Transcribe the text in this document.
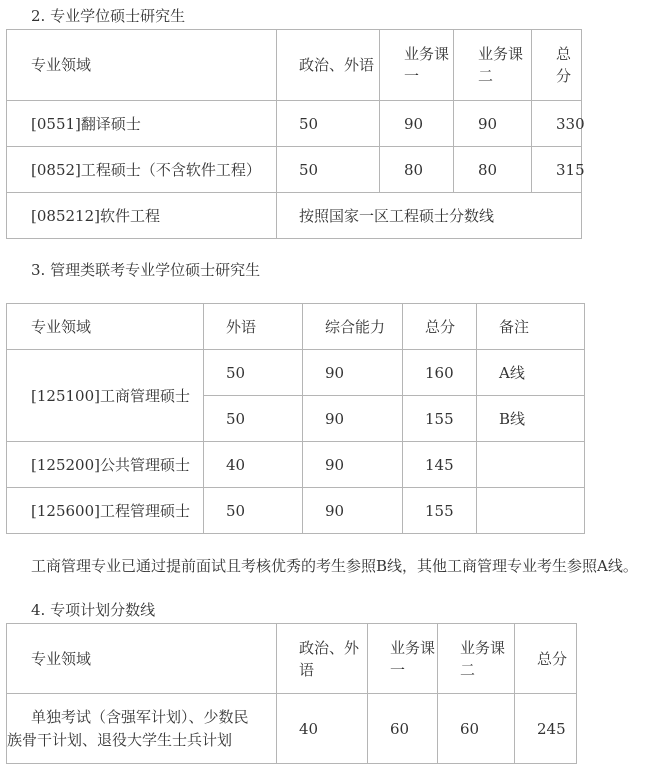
2. 专业学位硕士研究生
专业领域	政治、外语	业务课一	业务课二	总分

[0551]翻译硕士	50	90	90	330
[0852]工程硕士（不含软件工程）	50	80	80	315
[085212]软件工程	按照国家一区工程硕士分数线			
3. 管理类联考专业学位硕士研究生
专业领域	外语	综合能力	总分	备注
[125100]工商管理硕士	50	90	160	A线
	50	90	155	B线
[125200]公共管理硕士	40	90	145	
[125600]工程管理硕士	50	90	155	
工商管理专业已通过提前面试且考核优秀的考生参照B线，其他工商管理专业考生参照A线。
4. 专项计划分数线
专业领域	政治、外语	业务课一	业务课二	总分

单独考试（含强军计划）、少数民
族骨干计划、退役大学生士兵计划	40	60	60	245
